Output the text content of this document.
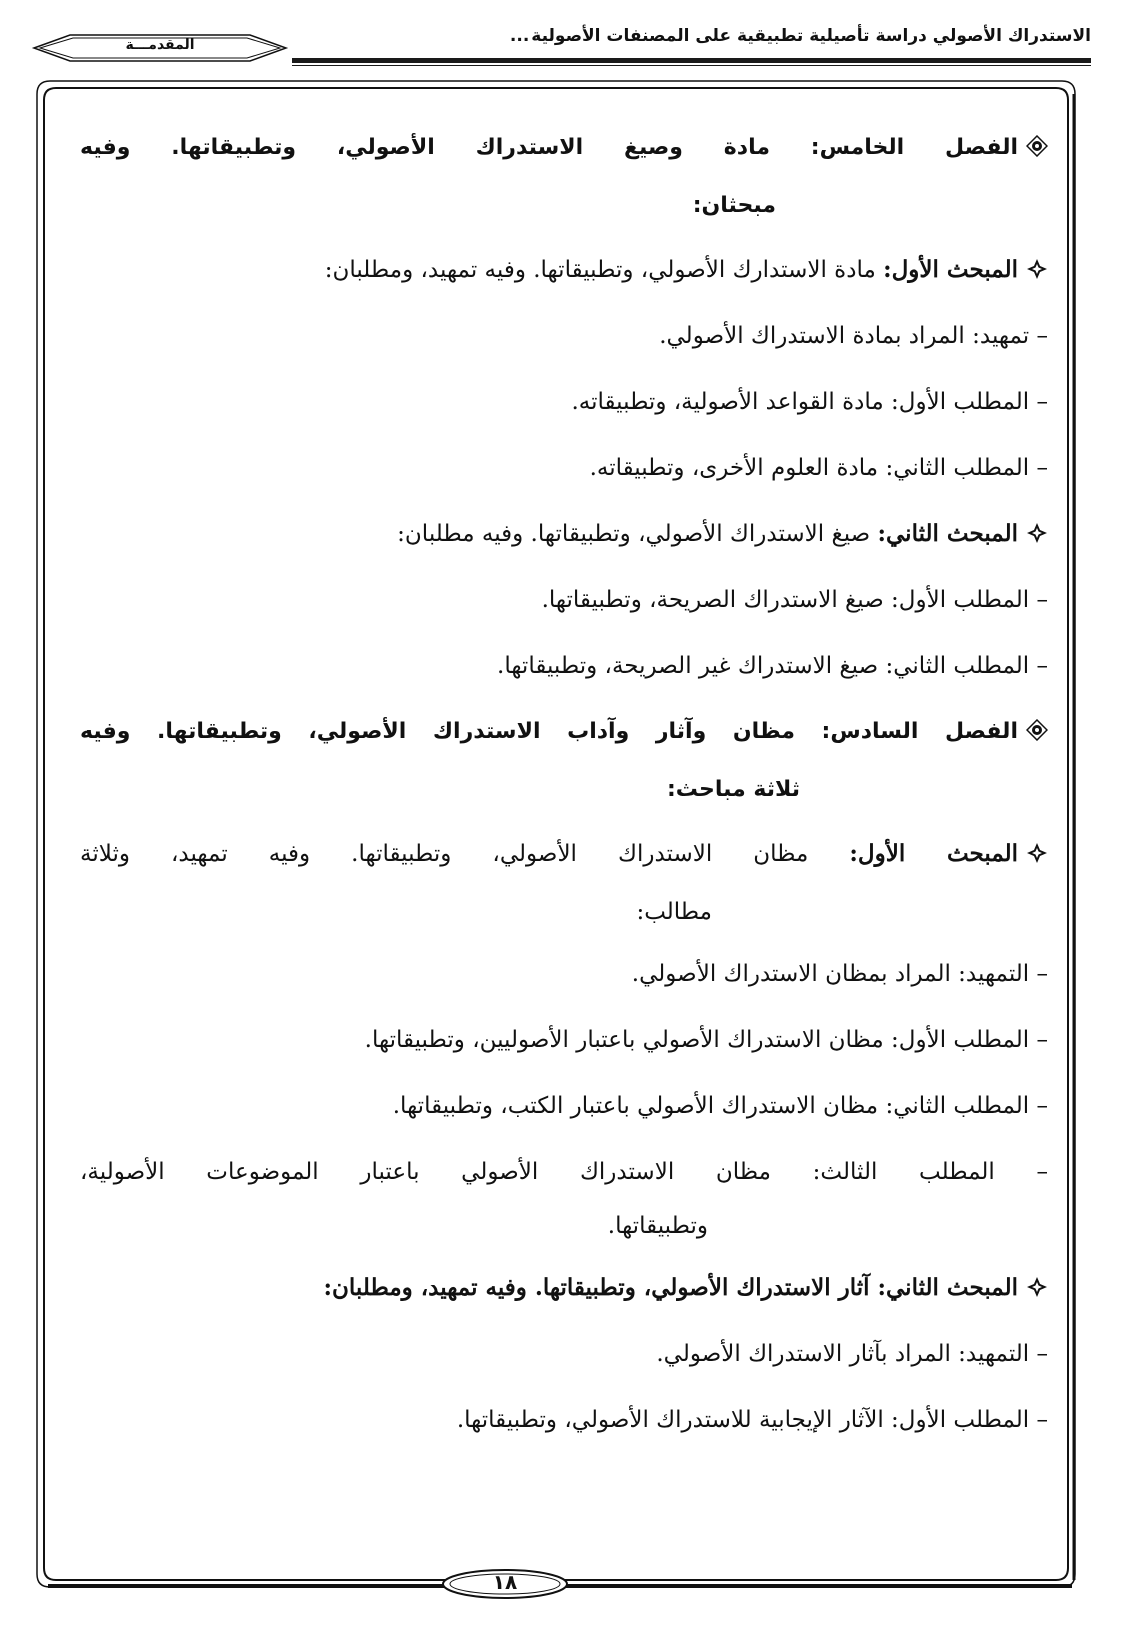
الاستدراك الأصولي دراسة تأصيلية تطبيقية على المصنفات الأصولية...
المقدمـــة
الفصل الخامس: مادة وصيغ الاستدراك الأصولي، وتطبيقاتها. وفيه
مبحثان:
المبحث الأول: مادة الاستدارك الأصولي، وتطبيقاتها. وفيه تمهيد، ومطلبان:
– تمهيد: المراد بمادة الاستدراك الأصولي.
– المطلب الأول: مادة القواعد الأصولية، وتطبيقاته.
– المطلب الثاني: مادة العلوم الأخرى، وتطبيقاته.
المبحث الثاني: صيغ الاستدراك الأصولي، وتطبيقاتها. وفيه مطلبان:
– المطلب الأول: صيغ الاستدراك الصريحة، وتطبيقاتها.
– المطلب الثاني: صيغ الاستدراك غير الصريحة، وتطبيقاتها.
الفصل السادس: مظان وآثار وآداب الاستدراك الأصولي، وتطبيقاتها. وفيه
ثلاثة مباحث:
المبحث الأول: مظان الاستدراك الأصولي، وتطبيقاتها. وفيه تمهيد، وثلاثة
مطالب:
– التمهيد: المراد بمظان الاستدراك الأصولي.
– المطلب الأول: مظان الاستدراك الأصولي باعتبار الأصوليين، وتطبيقاتها.
– المطلب الثاني: مظان الاستدراك الأصولي باعتبار الكتب، وتطبيقاتها.
– المطلب الثالث: مظان الاستدراك الأصولي باعتبار الموضوعات الأصولية،
وتطبيقاتها.
المبحث الثاني: آثار الاستدراك الأصولي، وتطبيقاتها. وفيه تمهيد، ومطلبان:
– التمهيد: المراد بآثار الاستدراك الأصولي.
– المطلب الأول: الآثار الإيجابية للاستدراك الأصولي، وتطبيقاتها.
١٨
